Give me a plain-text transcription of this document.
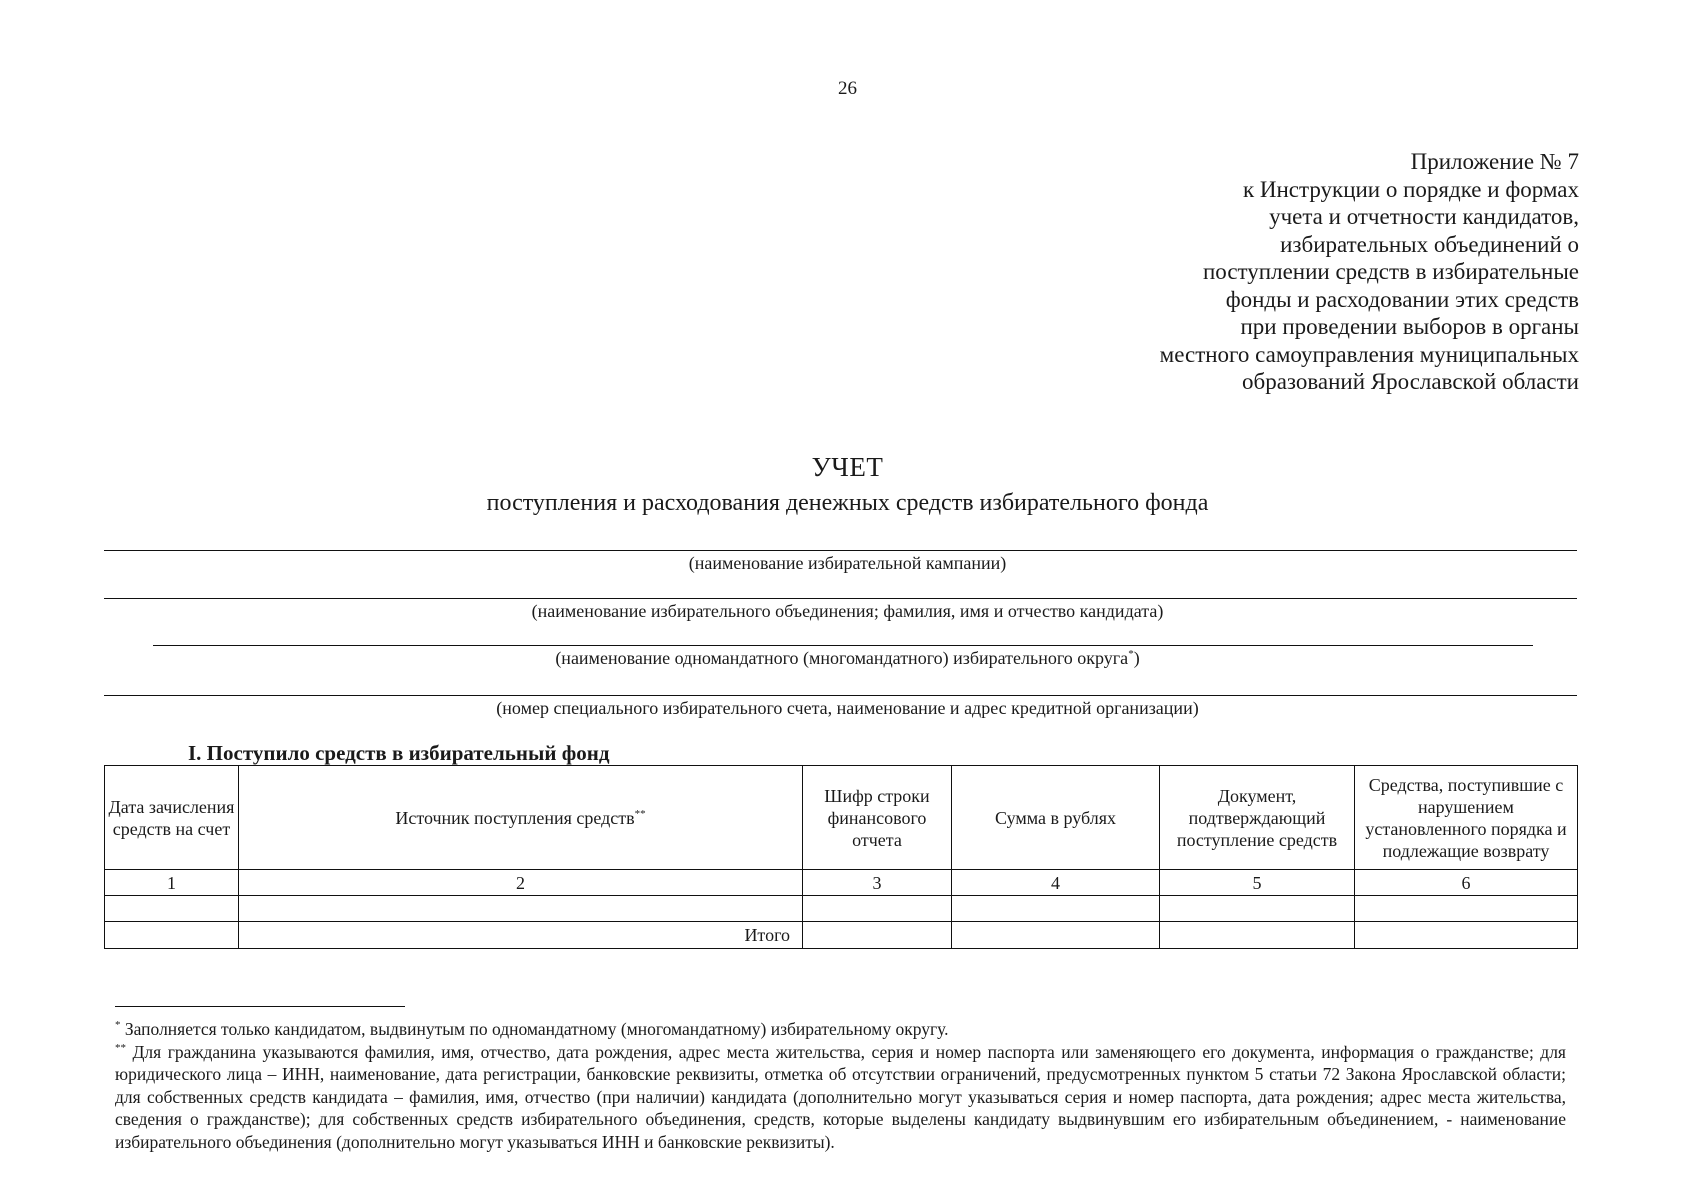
26
Приложение № 7
к Инструкции о порядке и формах
учета и отчетности кандидатов,
избирательных объединений о
поступлении средств в избирательные
фонды и расходовании этих средств
при проведении выборов в органы
местного самоуправления муниципальных
образований Ярославской области
УЧЕТ
поступления и расходования денежных средств избирательного фонда
(наименование избирательной кампании)
(наименование избирательного объединения; фамилия, имя и отчество кандидата)
(наименование одномандатного (многомандатного) избирательного округа*)
(номер специального избирательного счета, наименование и адрес кредитной организации)
I. Поступило средств в избирательный фонд
Дата зачисления средств на счет	Источник поступления средств**	Шифр строки финансового отчета	Сумма в рублях	Документ, подтверждающий поступление средств	Средства, поступившие с нарушением установленного порядка и подлежащие возврату
1	2	3	4	5	6

	Итого				

* Заполняется только кандидатом, выдвинутым по одномандатному (многомандатному) избирательному округу.

** Для гражданина указываются фамилия, имя, отчество, дата рождения, адрес места жительства, серия и номер паспорта или заменяющего его документа, информация о гражданстве; для юридического лица – ИНН, наименование, дата регистрации, банковские реквизиты, отметка об отсутствии ограничений, предусмотренных пунктом 5 статьи 72 Закона Ярославской области; для собственных средств кандидата – фамилия, имя, отчество (при наличии) кандидата (дополнительно могут указываться серия и номер паспорта, дата рождения; адрес места жительства, сведения о гражданстве); для собственных средств избирательного объединения, средств, которые выделены кандидату выдвинувшим его избирательным объединением, - наименование избирательного объединения (дополнительно могут указываться ИНН и банковские реквизиты).
